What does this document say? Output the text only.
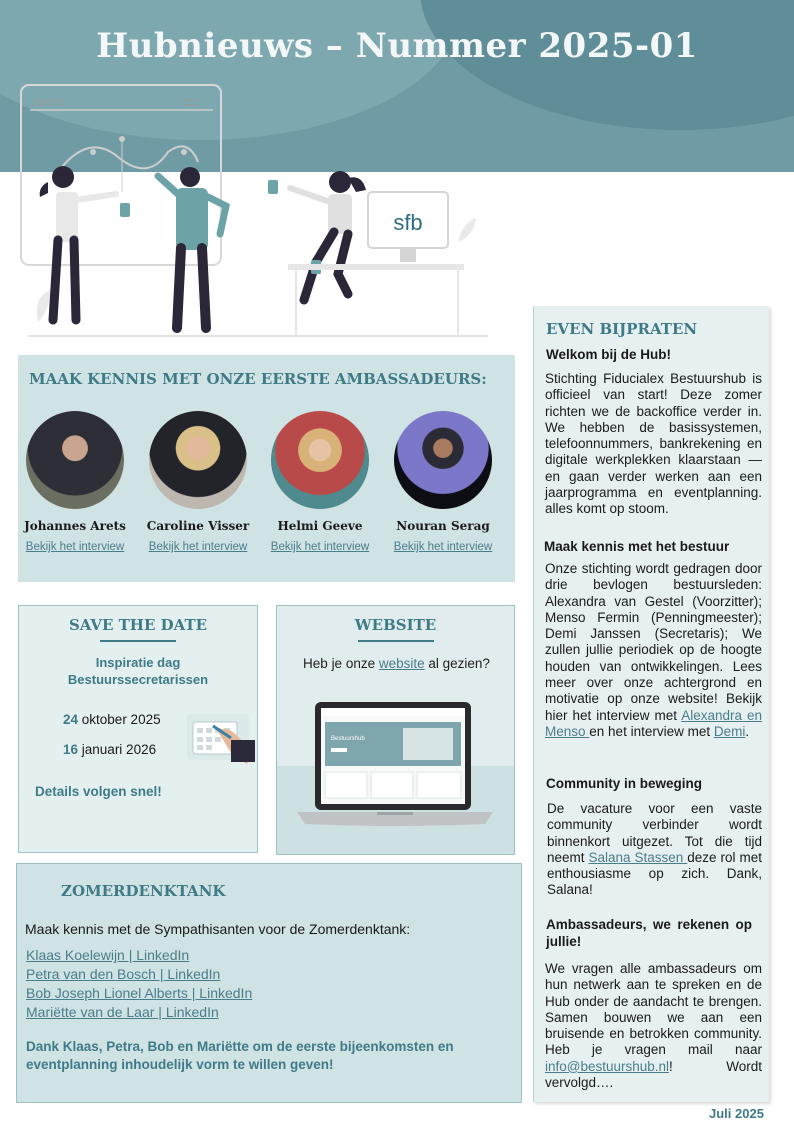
Hubnieuws – Nummer 2025-01
sfb
MAAK KENNIS MET ONZE EERSTE AMBASSADEURS:
Johannes Arets
Bekijk het interview
Caroline Visser
Bekijk het interview
Helmi Geeve
Bekijk het interview
Nouran Serag
Bekijk het interview
SAVE THE DATE
Inspiratie dag
Bestuurssecretarissen
24 oktober 2025
16 januari 2026
Details volgen snel!
WEBSITE
Heb je onze website al gezien?
Bestuurshub
ZOMERDENKTANK
Maak kennis met de Sympathisanten voor de Zomerdenktank:
Klaas Koelewijn | LinkedIn
Petra van den Bosch | LinkedIn
Bob Joseph Lionel Alberts | LinkedIn
Mariëtte van de Laar | LinkedIn
Dank Klaas, Petra, Bob en Mariëtte om de eerste bijeenkomsten en eventplanning inhoudelijk vorm te willen geven!
EVEN BIJPRATEN
Welkom bij de Hub!
Stichting Fiducialex Bestuurshub is officieel van start! Deze zomer richten we de backoffice verder in. We hebben de basissystemen, telefoonnummers, bankrekening en digitale werkplekken klaarstaan — en gaan verder werken aan een jaarprogramma en eventplanning. alles komt op stoom.
Maak kennis met het bestuur
Onze stichting wordt gedragen door drie bevlogen bestuursleden: Alexandra van Gestel (Voorzitter); Menso Fermin (Penningmeester); Demi Janssen (Secretaris); We zullen jullie periodiek op de hoogte houden van ontwikkelingen. Lees meer over onze achtergrond en motivatie op onze website! Bekijk hier het interview met Alexandra en Menso en het interview met Demi.
Community in beweging
De vacature voor een vaste community verbinder wordt binnenkort uitgezet. Tot die tijd neemt Salana Stassen deze rol met enthousiasme op zich. Dank, Salana!
Ambassadeurs, we rekenen op jullie!
We vragen alle ambassadeurs om hun netwerk aan te spreken en de Hub onder de aandacht te brengen. Samen bouwen we aan een bruisende en betrokken community. Heb je vragen mail naar info@bestuurshub.nl! Wordt vervolgd….
Juli 2025
